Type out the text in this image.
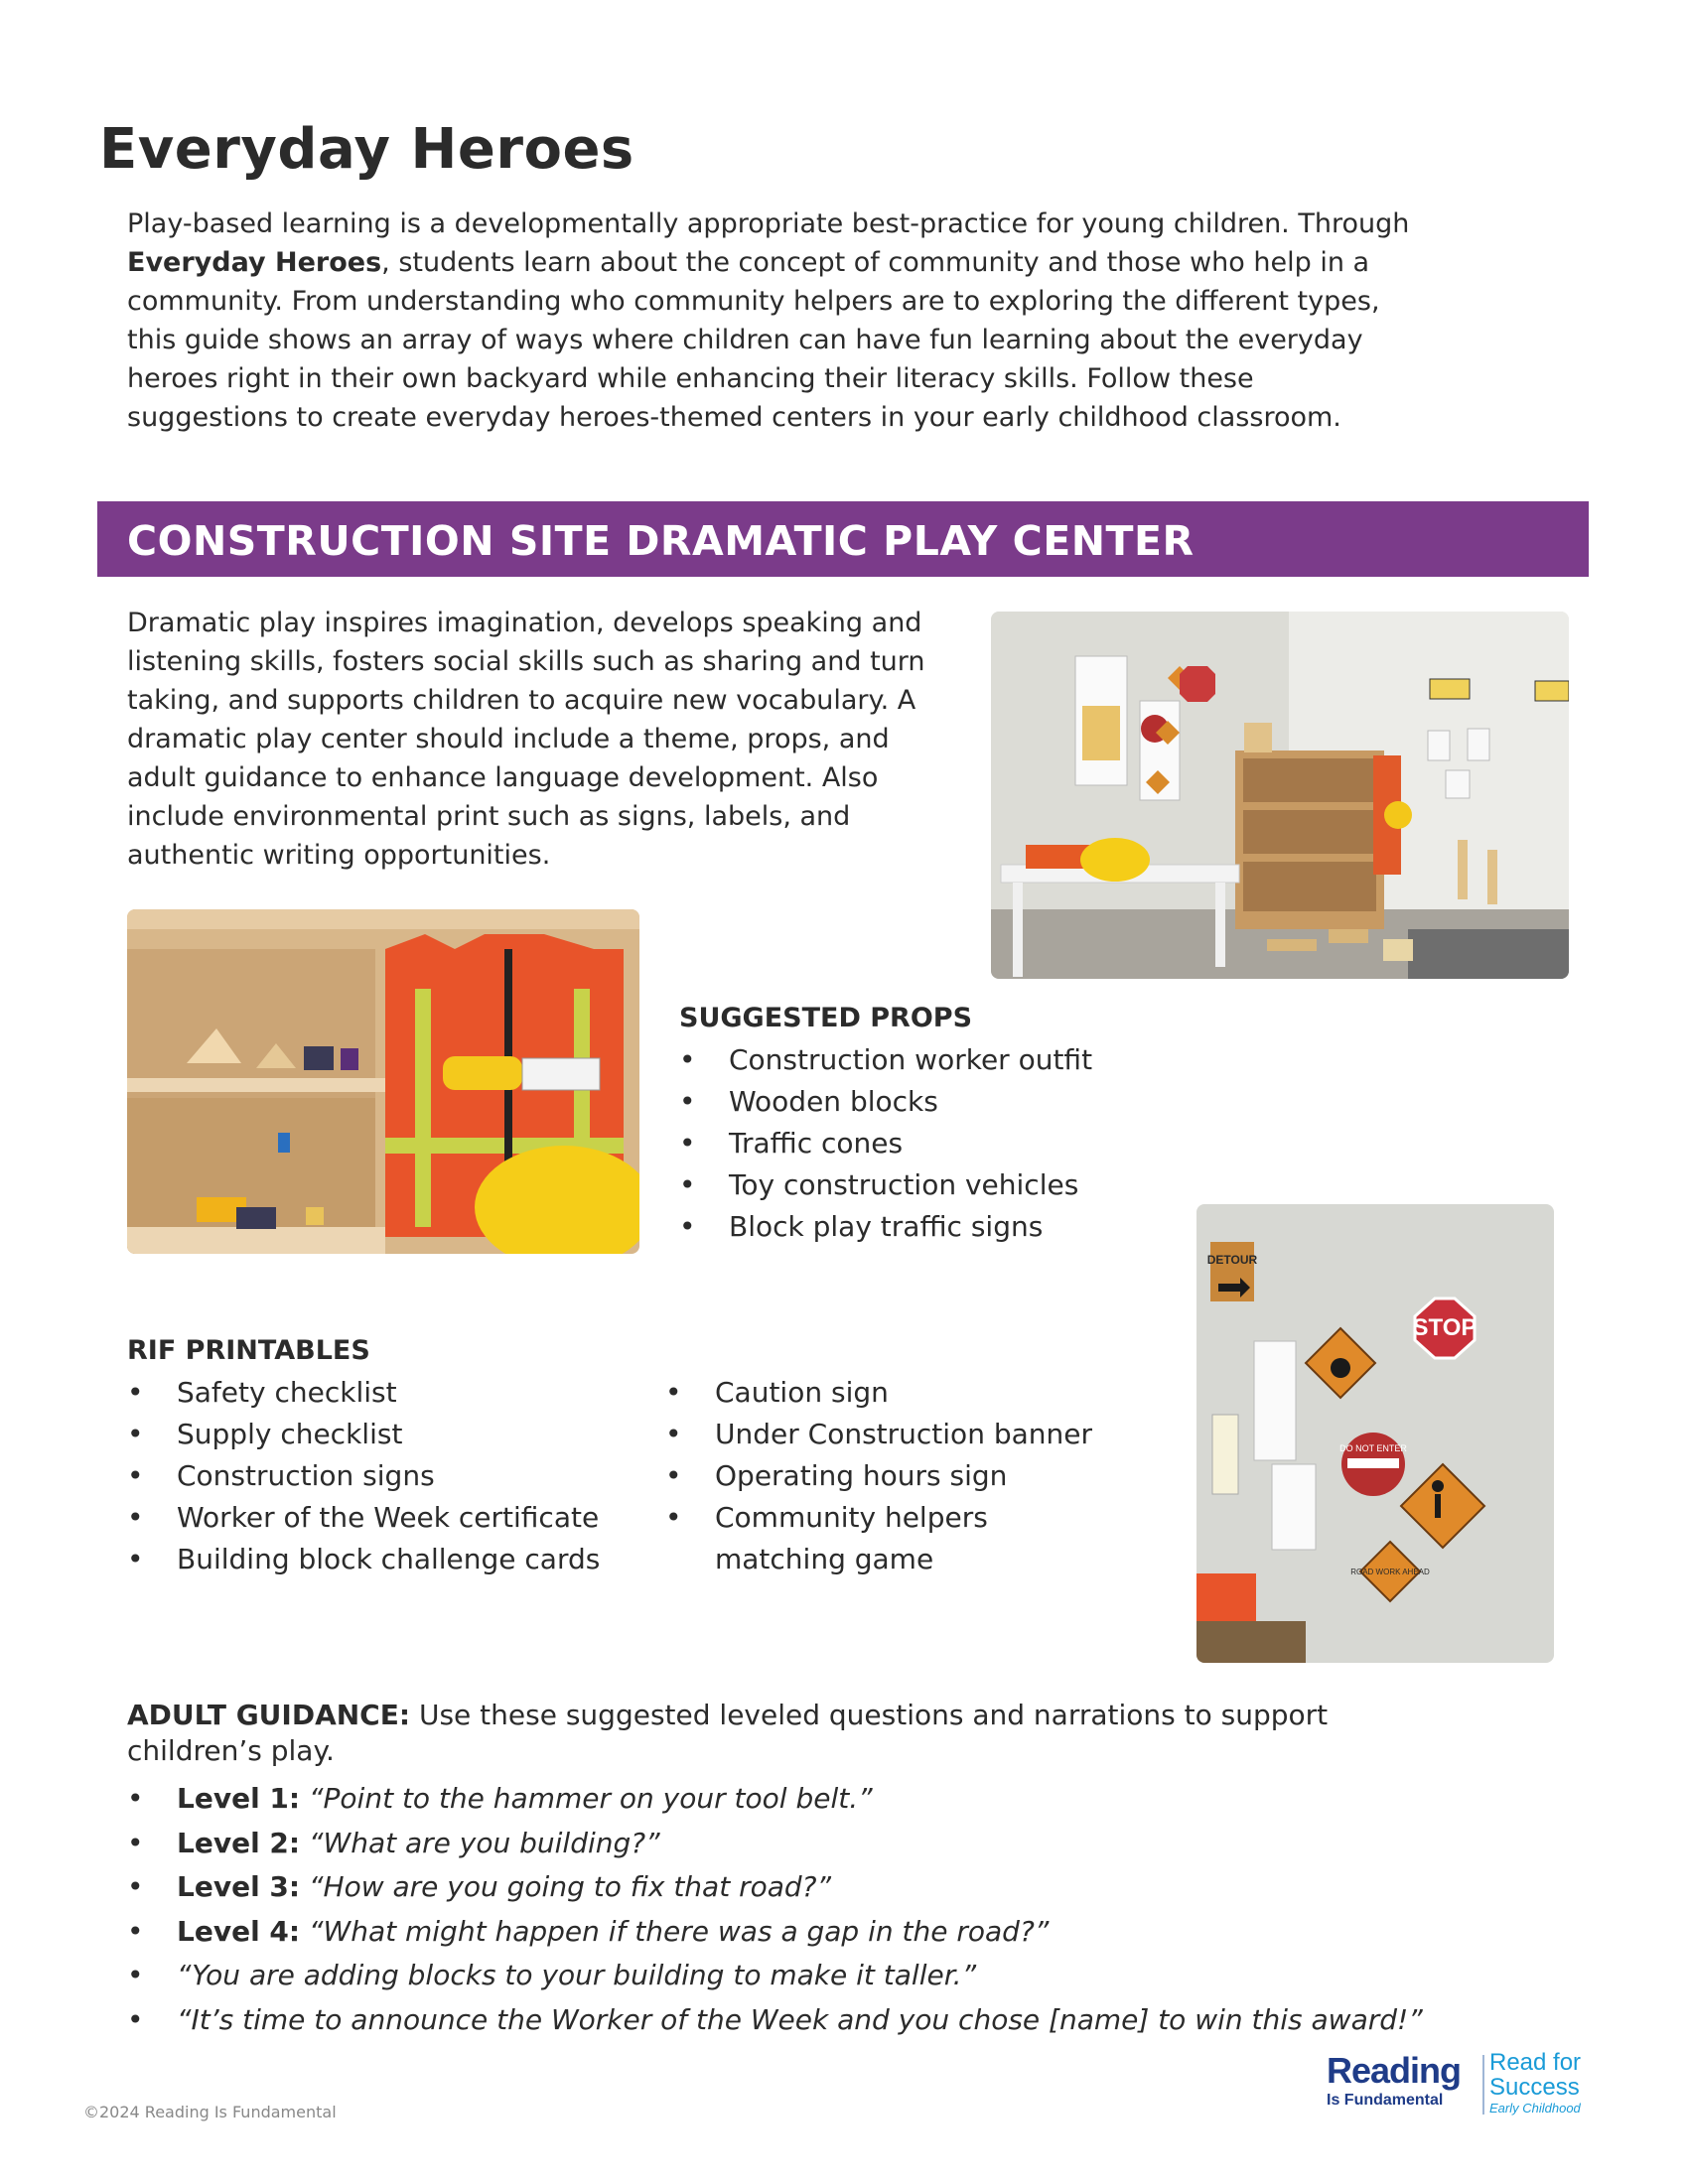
Everyday Heroes
Play-based learning is a developmentally appropriate best-practice for young children. Through Everyday Heroes, students learn about the concept of community and those who help in a community. From understanding who community helpers are to exploring the different types, this guide shows an array of ways where children can have fun learning about the everyday heroes right in their own backyard while enhancing their literacy skills. Follow these suggestions to create everyday heroes-themed centers in your early childhood classroom.
CONSTRUCTION SITE DRAMATIC PLAY CENTER
Dramatic play inspires imagination, develops speaking and listening skills, fosters social skills such as sharing and turn taking, and supports children to acquire new vocabulary. A dramatic play center should include a theme, props, and adult guidance to enhance language development. Also include environmental print such as signs, labels, and authentic writing opportunities.
SUGGESTED PROPS
• Construction worker outfit
• Wooden blocks
• Traffic cones
• Toy construction vehicles
• Block play traffic signs
DETOUR
STOP
DO NOT ENTER
ROAD WORK AHEAD
RIF PRINTABLES
• Safety checklist
• Supply checklist
• Construction signs
• Worker of the Week certificate
• Building block challenge cards
• Caution sign
• Under Construction banner
• Operating hours sign
• Community helpers matching game
ADULT GUIDANCE: Use these suggested leveled questions and narrations to support children’s play.
• Level 1: “Point to the hammer on your tool belt.”
• Level 2: “What are you building?”
• Level 3: “How are you going to fix that road?”
• Level 4: “What might happen if there was a gap in the road?”
• “You are adding blocks to your building to make it taller.”
• “It’s time to announce the Worker of the Week and you chose [name] to win this award!”
©2024 Reading Is Fundamental
Reading
Is Fundamental
Read for
Success
Early Childhood
